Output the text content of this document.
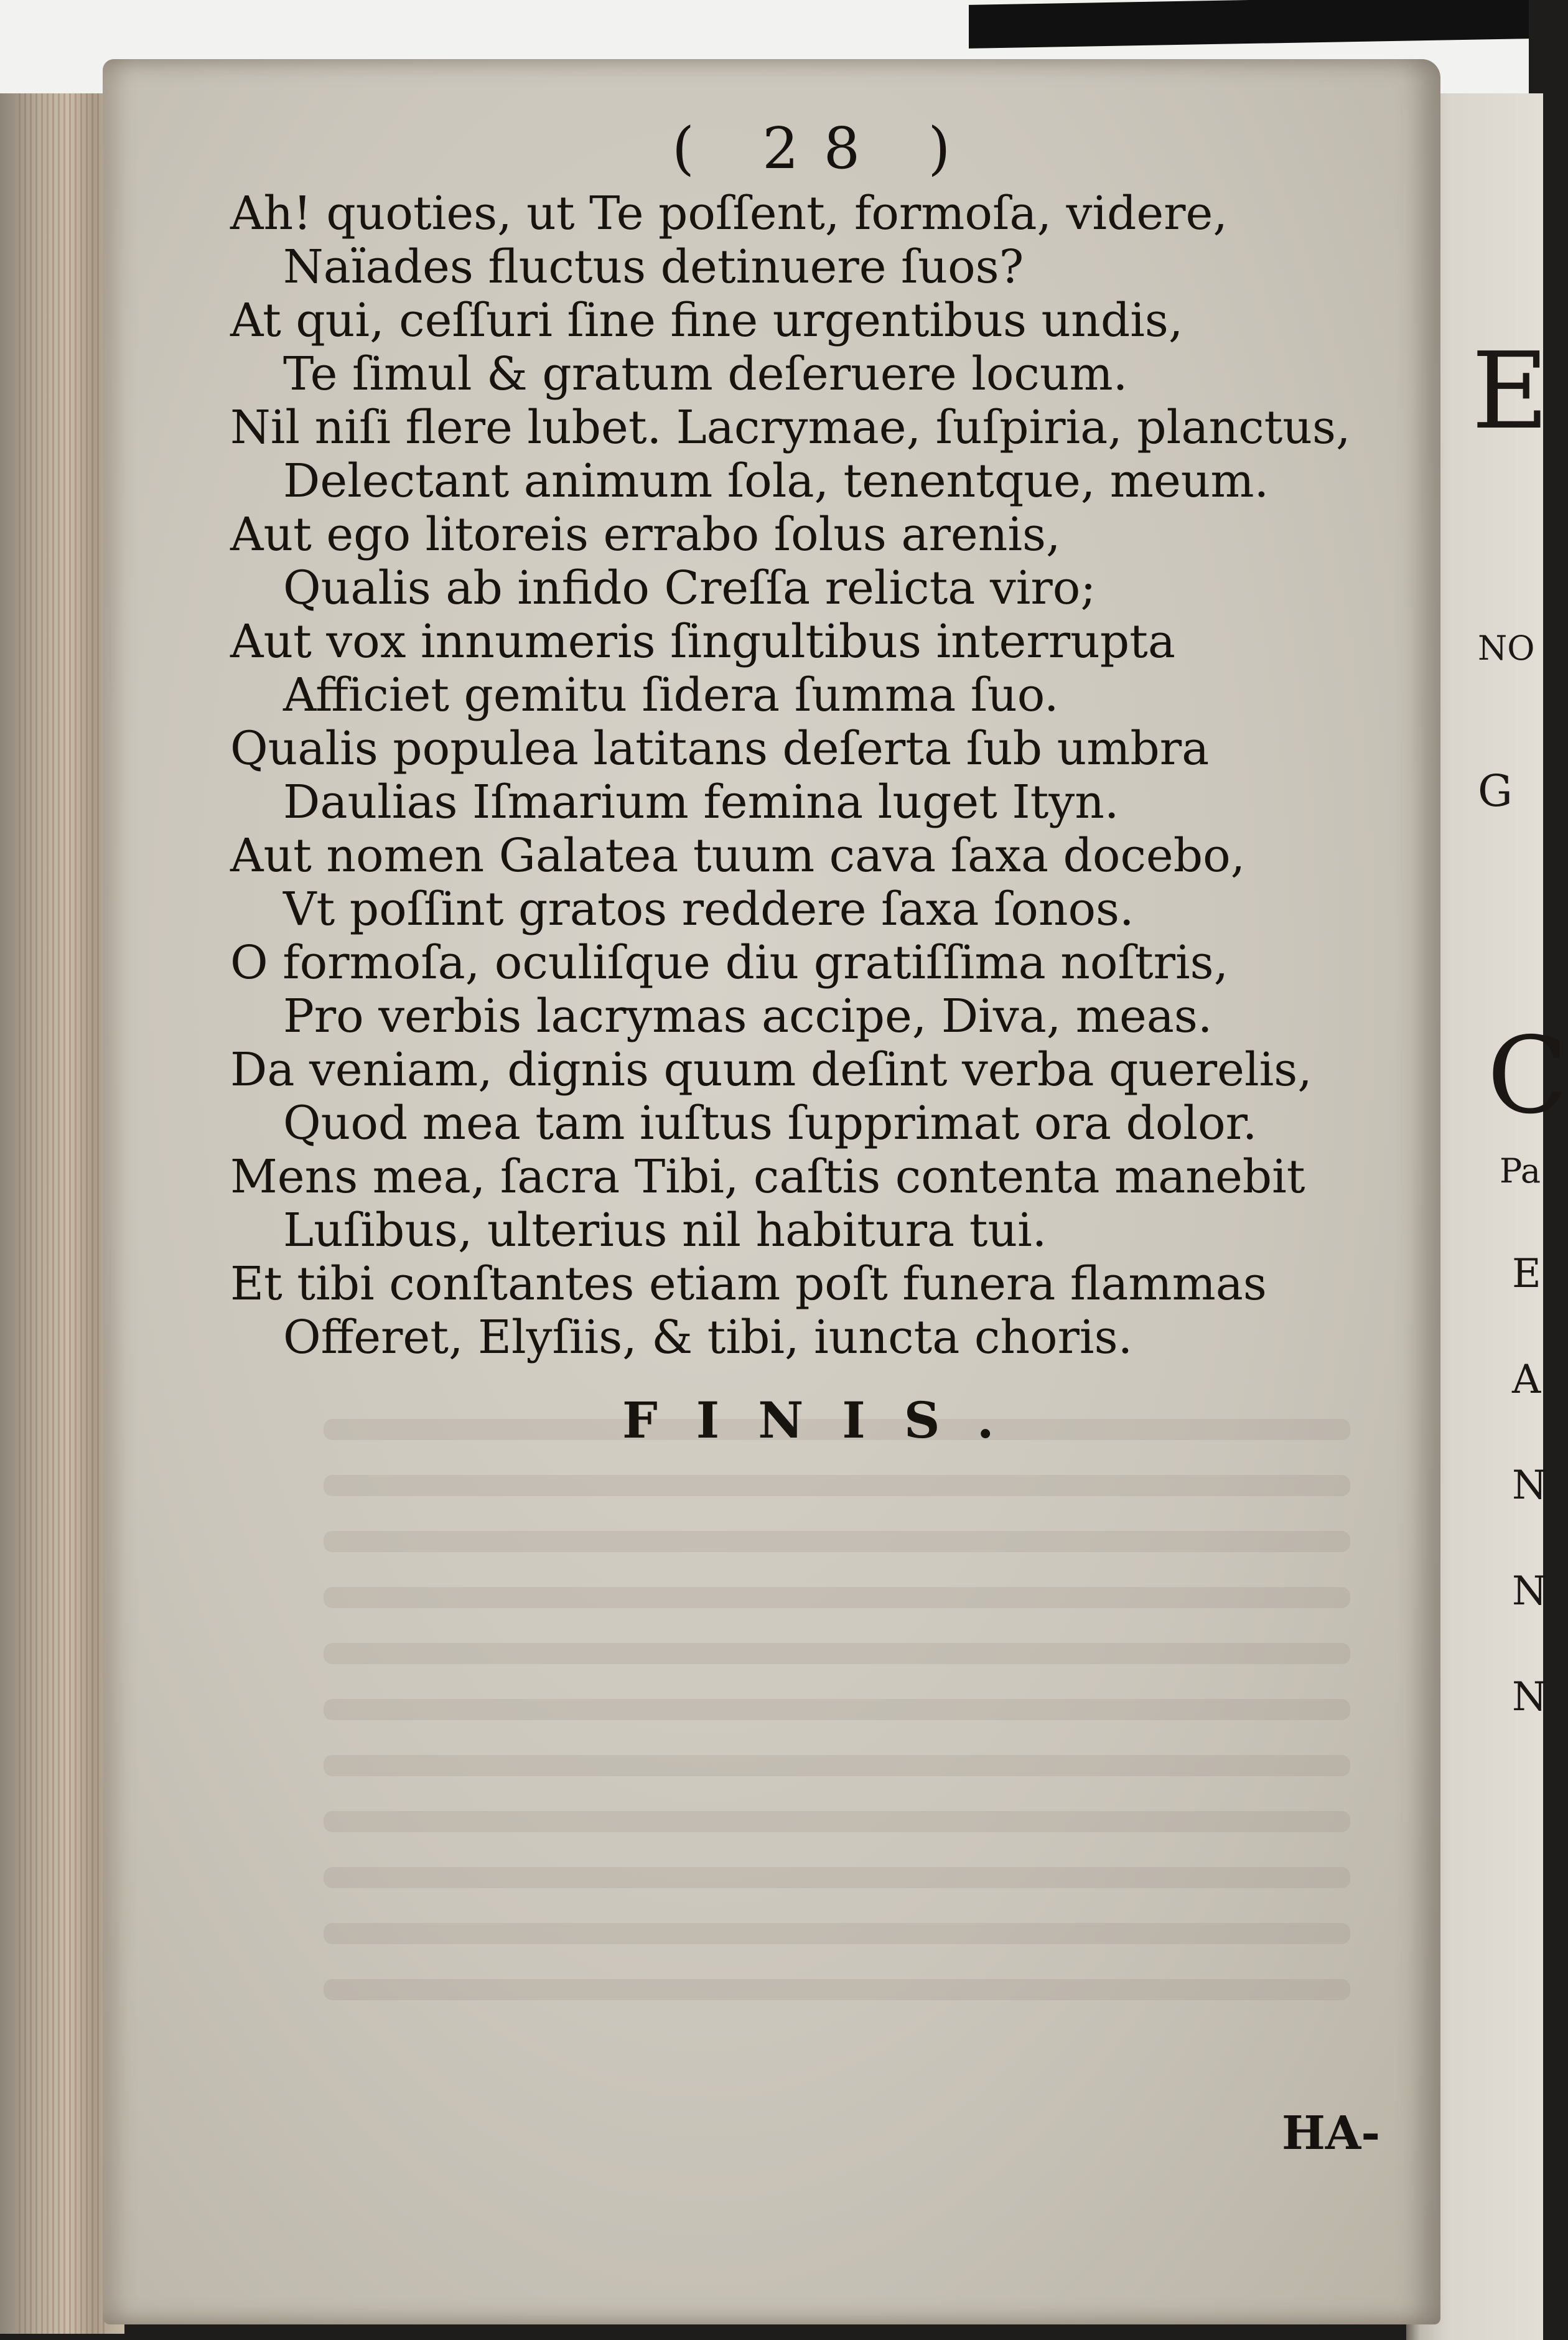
E
NO
G
C
Pa
E
A
N
N
N
( 28 )
Ah! quoties, ut Te poſſent, formoſa, videre,
Naïades fluctus detinuere ſuos?
At qui, ceſſuri ſine fine urgentibus undis,
Te ſimul & gratum deſeruere locum.
Nil niſi flere lubet. Lacrymae, ſuſpiria, planctus,
Delectant animum ſola, tenentque, meum.
Aut ego litoreis errabo ſolus arenis,
Qualis ab infido Creſſa relicta viro;
Aut vox innumeris ſingultibus interrupta
Afficiet gemitu ſidera ſumma ſuo.
Qualis populea latitans deſerta ſub umbra
Daulias Iſmarium femina luget Ityn.
Aut nomen Galatea tuum cava ſaxa docebo,
Vt poſſint gratos reddere ſaxa ſonos.
O formoſa, oculiſque diu gratiſſima noſtris,
Pro verbis lacrymas accipe, Diva, meas.
Da veniam, dignis quum deſint verba querelis,
Quod mea tam iuſtus ſupprimat ora dolor.
Mens mea, ſacra Tibi, caſtis contenta manebit
Luſibus, ulterius nil habitura tui.
Et tibi conſtantes etiam poſt funera flammas
Offeret, Elyſiis, & tibi, iuncta choris.
FINIS.
HA-
